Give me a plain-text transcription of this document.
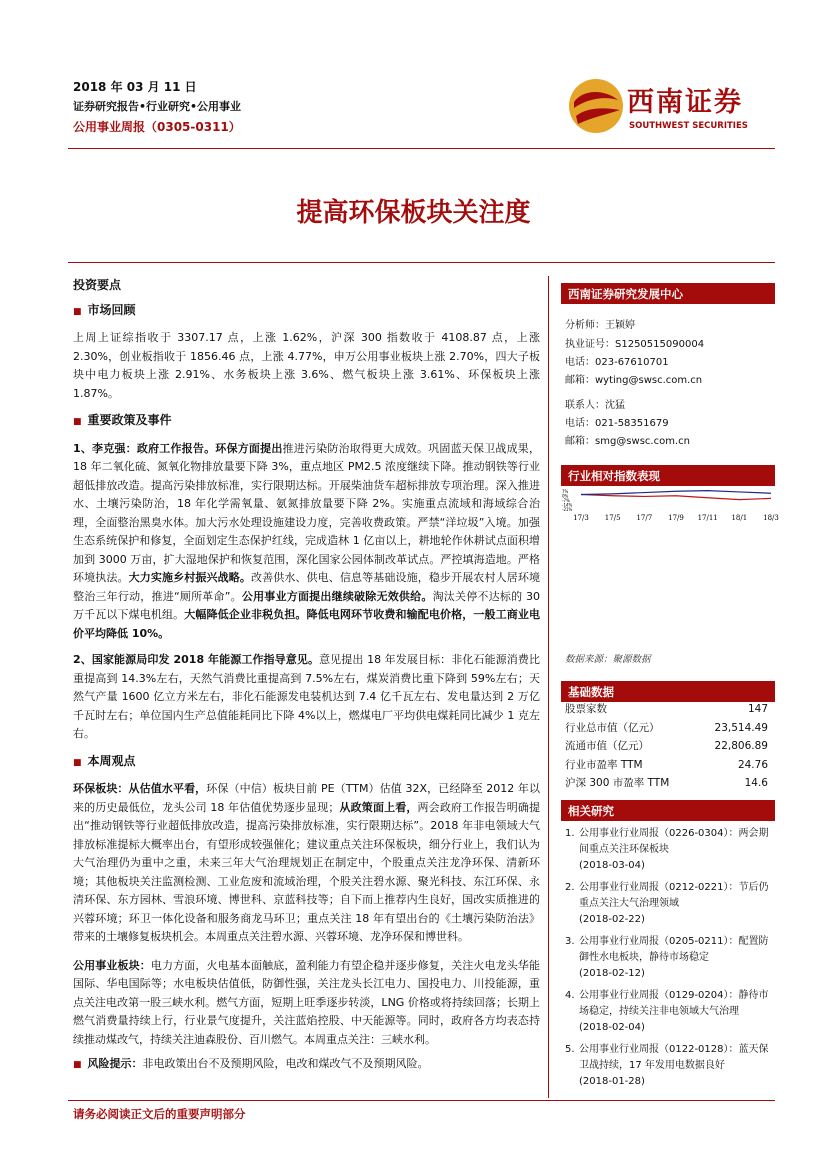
2018 年 03 月 11 日
证券研究报告•行业研究•公用事业
公用事业周报（0305-0311）
西南证券
SOUTHWEST SECURITIES
提高环保板块关注度
投资要点
■ 市场回顾
上周上证综指收于 3307.17 点，上涨 1.62%，沪深 300 指数收于 4108.87 点，上涨 2.30%，创业板指收于 1856.46 点，上涨 4.77%，申万公用事业板块上涨 2.70%，四大子板块中电力板块上涨 2.91%、水务板块上涨 3.6%、燃气板块上涨 3.61%、环保板块上涨 1.87%。
■ 重要政策及事件
1、李克强：政府工作报告。环保方面提出推进污染防治取得更大成效。巩固蓝天保卫战成果，18 年二氧化硫、氮氧化物排放量要下降 3%，重点地区 PM2.5 浓度继续下降。推动钢铁等行业超低排放改造。提高污染排放标准，实行限期达标。开展柴油货车超标排放专项治理。深入推进水、土壤污染防治，18 年化学需氧量、氨氮排放量要下降 2%。实施重点流域和海域综合治理，全面整治黑臭水体。加大污水处理设施建设力度，完善收费政策。严禁“洋垃圾”入境。加强生态系统保护和修复，全面划定生态保护红线，完成造林 1 亿亩以上，耕地轮作休耕试点面积增加到 3000 万亩，扩大湿地保护和恢复范围，深化国家公园体制改革试点。严控填海造地。严格环境执法。大力实施乡村振兴战略。改善供水、供电、信息等基础设施，稳步开展农村人居环境整治三年行动，推进“厕所革命”。公用事业方面提出继续破除无效供给。淘汰关停不达标的 30 万千瓦以下煤电机组。大幅降低企业非税负担。降低电网环节收费和输配电价格，一般工商业电价平均降低 10%。
2、国家能源局印发 2018 年能源工作指导意见。意见提出 18 年发展目标：非化石能源消费比重提高到 14.3%左右，天然气消费比重提高到 7.5%左右，煤炭消费比重下降到 59%左右；天然气产量 1600 亿立方米左右，非化石能源发电装机达到 7.4 亿千瓦左右、发电量达到 2 万亿千瓦时左右；单位国内生产总值能耗同比下降 4%以上，燃煤电厂平均供电煤耗同比减少 1 克左右。
■ 本周观点
环保板块：从估值水平看，环保（中信）板块目前 PE（TTM）估值 32X，已经降至 2012 年以来的历史最低位，龙头公司 18 年估值优势逐步显现；从政策面上看，两会政府工作报告明确提出“推动钢铁等行业超低排放改造，提高污染排放标准，实行限期达标”。2018 年非电领域大气排放标准提标大概率出台，有望形成较强催化；建议重点关注环保板块，细分行业上，我们认为大气治理仍为重中之重，未来三年大气治理规划正在制定中，个股重点关注龙净环保、清新环境；其他板块关注监测检测、工业危废和流域治理，个股关注碧水源、聚光科技、东江环保、永清环保、东方园林、雪浪环境、博世科、京蓝科技等；自下而上推荐内生良好，国改实质推进的兴蓉环境；环卫一体化设备和服务商龙马环卫；重点关注 18 年有望出台的《土壤污染防治法》带来的土壤修复板块机会。本周重点关注碧水源、兴蓉环境、龙净环保和博世科。
公用事业板块：电力方面，火电基本面触底，盈利能力有望企稳并逐步修复，关注火电龙头华能国际、华电国际等；水电板块估值低，防御性强，关注龙头长江电力、国投电力、川投能源，重点关注电改第一股三峡水利。燃气方面，短期上旺季逐步转淡，LNG 价格或将持续回落；长期上燃气消费量持续上行，行业景气度提升，关注蓝焰控股、中天能源等。同时，政府各方均表态持续推动煤改气，持续关注迪森股份、百川燃气。本周重点关注：三峡水利。
■ 风险提示：非电政策出台不及预期风险，电改和煤改气不及预期风险。
西南证券研究发展中心
分析师：王颖婷
执业证号：S1250515090004
电话：023-67610701
邮箱：wyting@swsc.com.cn
联系人：沈猛
电话：021-58351679
邮箱：smg@swsc.com.cn
行业相对指数表现
7%
0%
-7%
-14%
-21%
17/3 17/5 17/7 17/9 17/11 18/1 18/3
数据来源：聚源数据
基础数据
股票家数	147
行业总市值（亿元）	23,514.49
流通市值（亿元）	22,806.89
行业市盈率 TTM	24.76
沪深 300 市盈率 TTM	14.6
相关研究
1. 公用事业行业周报（0226-0304）：两会期间重点关注环保板块
(2018-03-04)
2. 公用事业行业周报（0212-0221）：节后仍重点关注大气治理领域
(2018-02-22)
3. 公用事业行业周报（0205-0211）：配置防御性水电板块，静待市场稳定
(2018-02-12)
4. 公用事业行业周报（0129-0204）：静待市场稳定，持续关注非电领域大气治理
(2018-02-04)
5. 公用事业行业周报（0122-0128）：蓝天保卫战持续，17 年发用电数据良好
(2018-01-28)
请务必阅读正文后的重要声明部分
